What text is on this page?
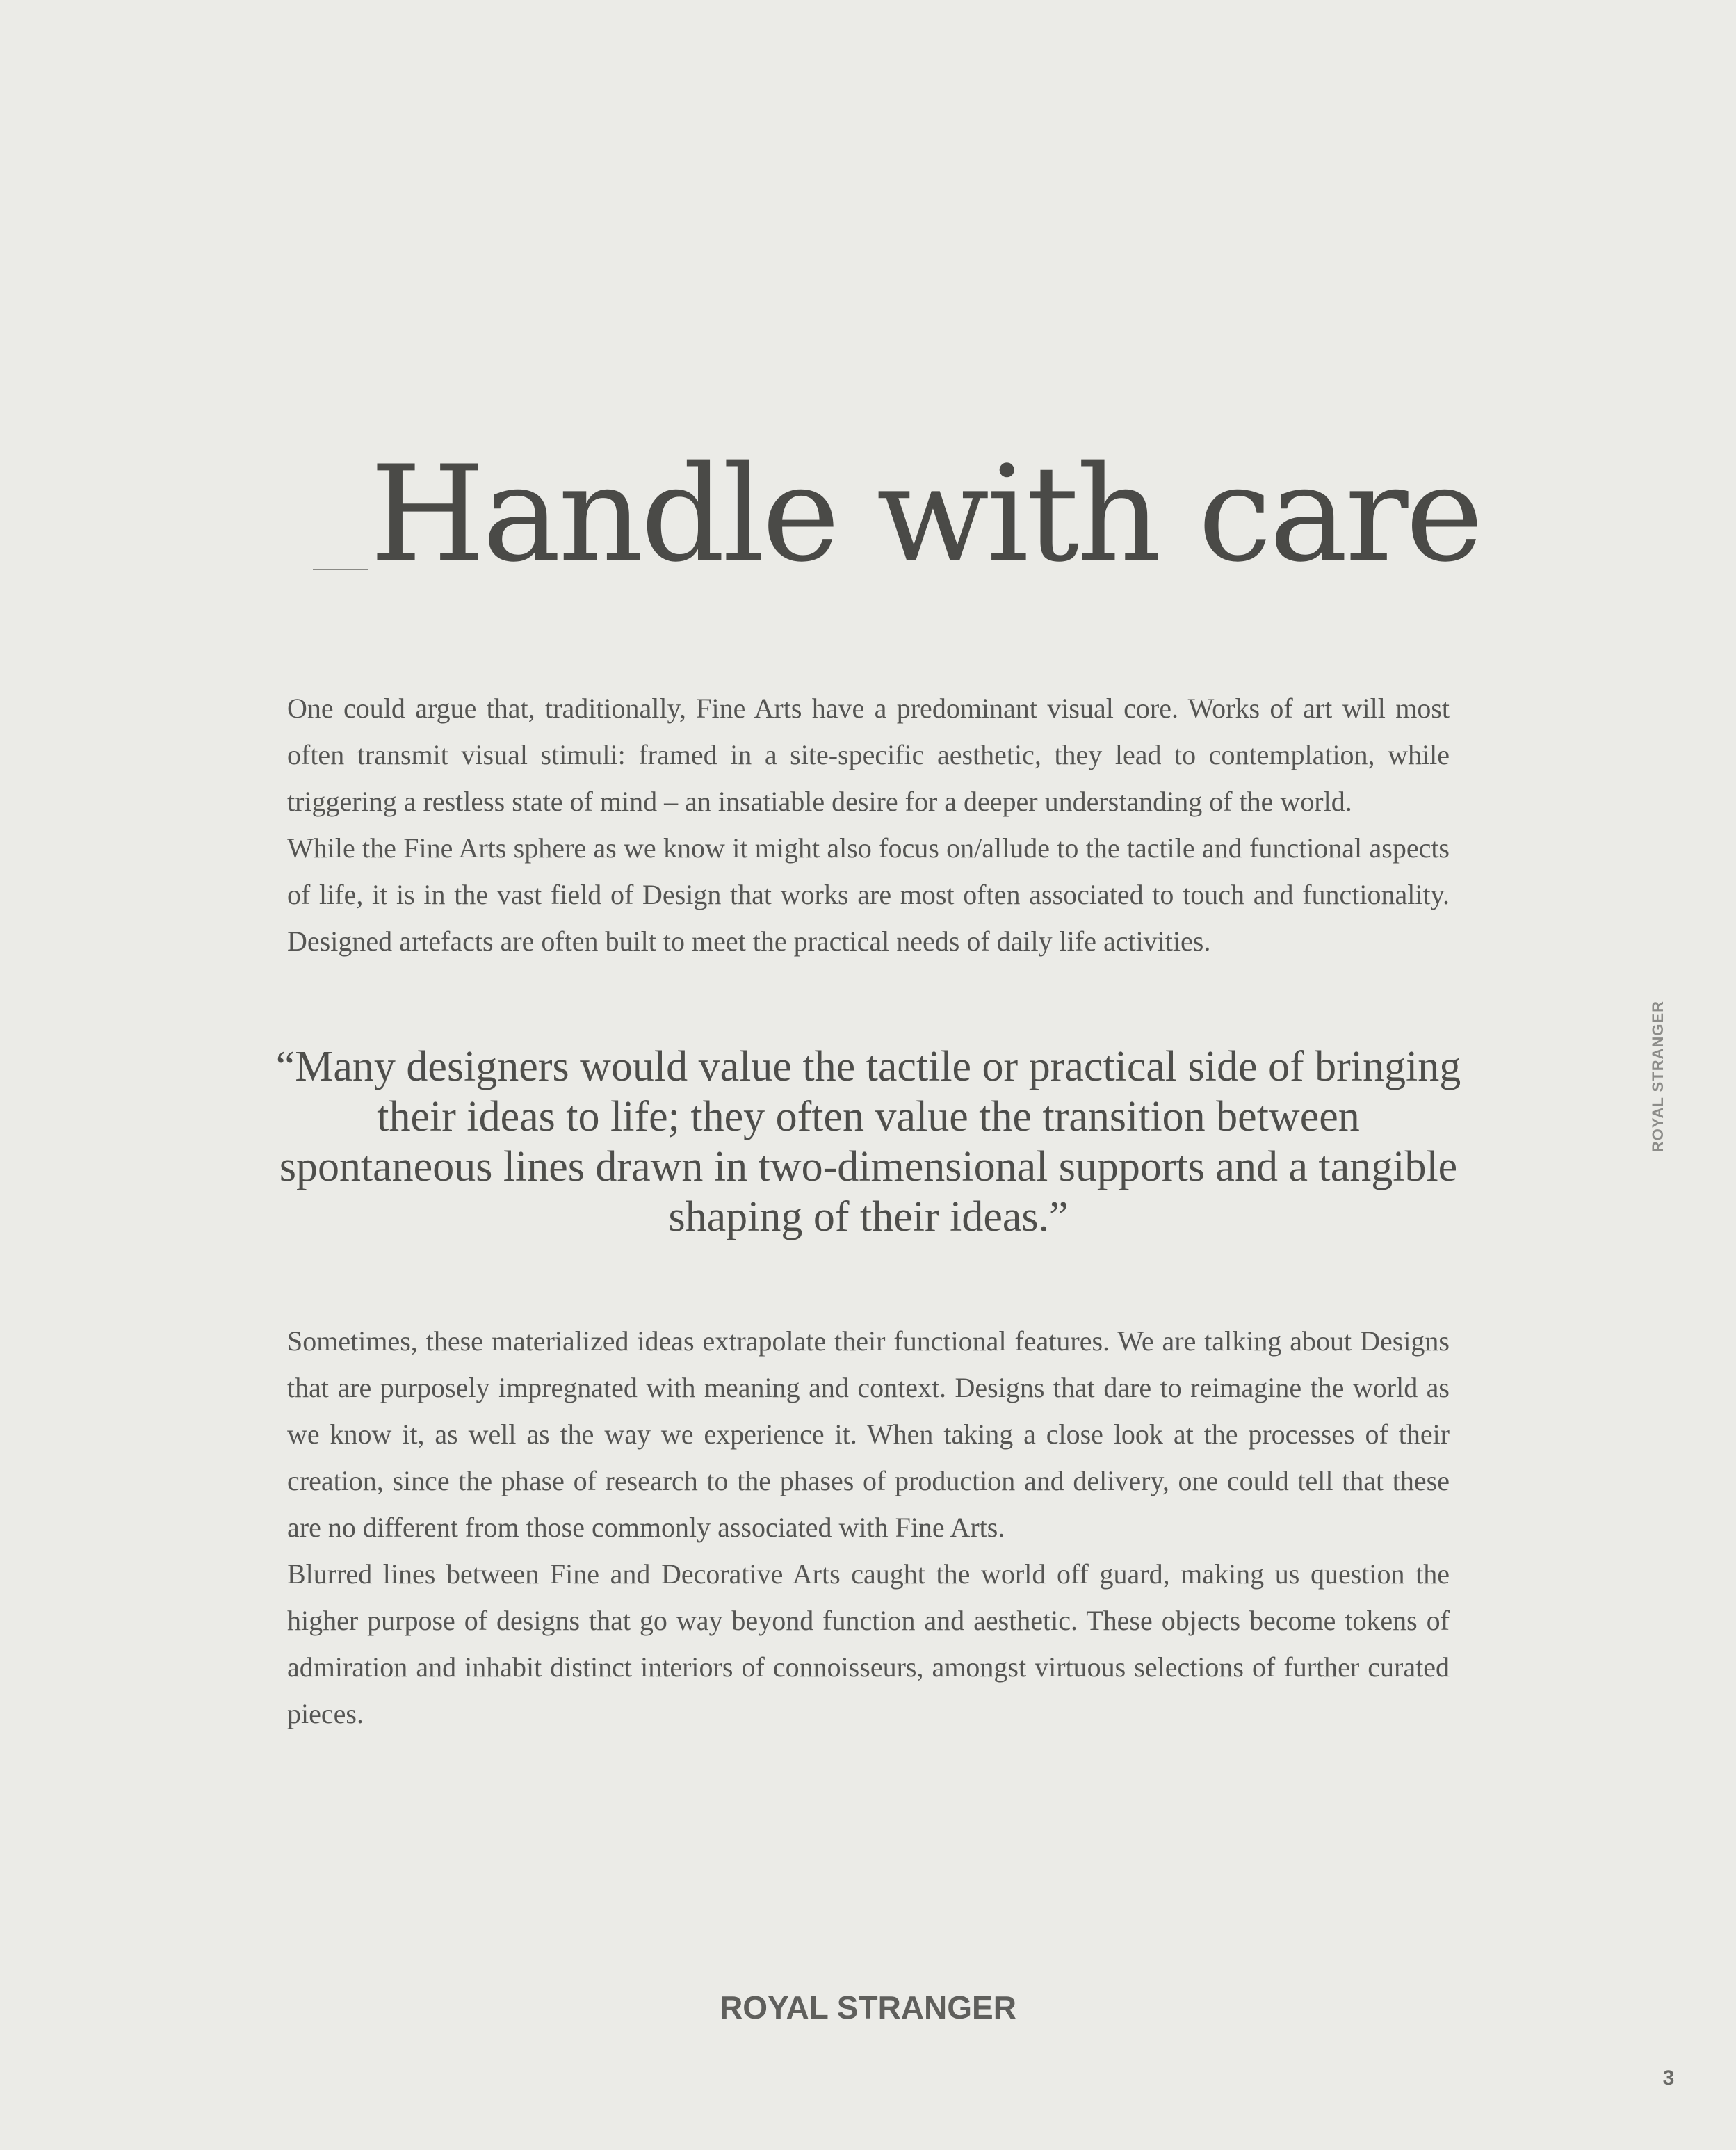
Handle with care

One could argue that, traditionally, Fine Arts have a predominant visual core. Works of art will most often transmit visual stimuli: framed in a site-specific aesthetic, they lead to contemplation, while triggering a restless state of mind – an insatiable desire for a deeper understanding of the world.

While the Fine Arts sphere as we know it might also focus on/allude to the tactile and functional aspects of life, it is in the vast field of Design that works are most often associated to touch and functionality. Designed artefacts are often built to meet the practical needs of daily life activities.

“Many designers would value the tactile or practical side of bringing their ideas to life; they often value the transition between spontaneous lines drawn in two-dimensional supports and a tangible shaping of their ideas.”

Sometimes, these materialized ideas extrapolate their functional features. We are talking about Designs that are purposely impregnated with meaning and context. Designs that dare to reimagine the world as we know it, as well as the way we experience it. When taking a close look at the processes of their creation, since the phase of research to the phases of production and delivery, one could tell that these are no different from those commonly associated with Fine Arts.

Blurred lines between Fine and Decorative Arts caught the world off guard, making us question the higher purpose of designs that go way beyond function and aesthetic. These objects become tokens of admiration and inhabit distinct interiors of connoisseurs, amongst virtuous selections of further curated pieces.

ROYAL STRANGER
ROYAL STRANGER
3
